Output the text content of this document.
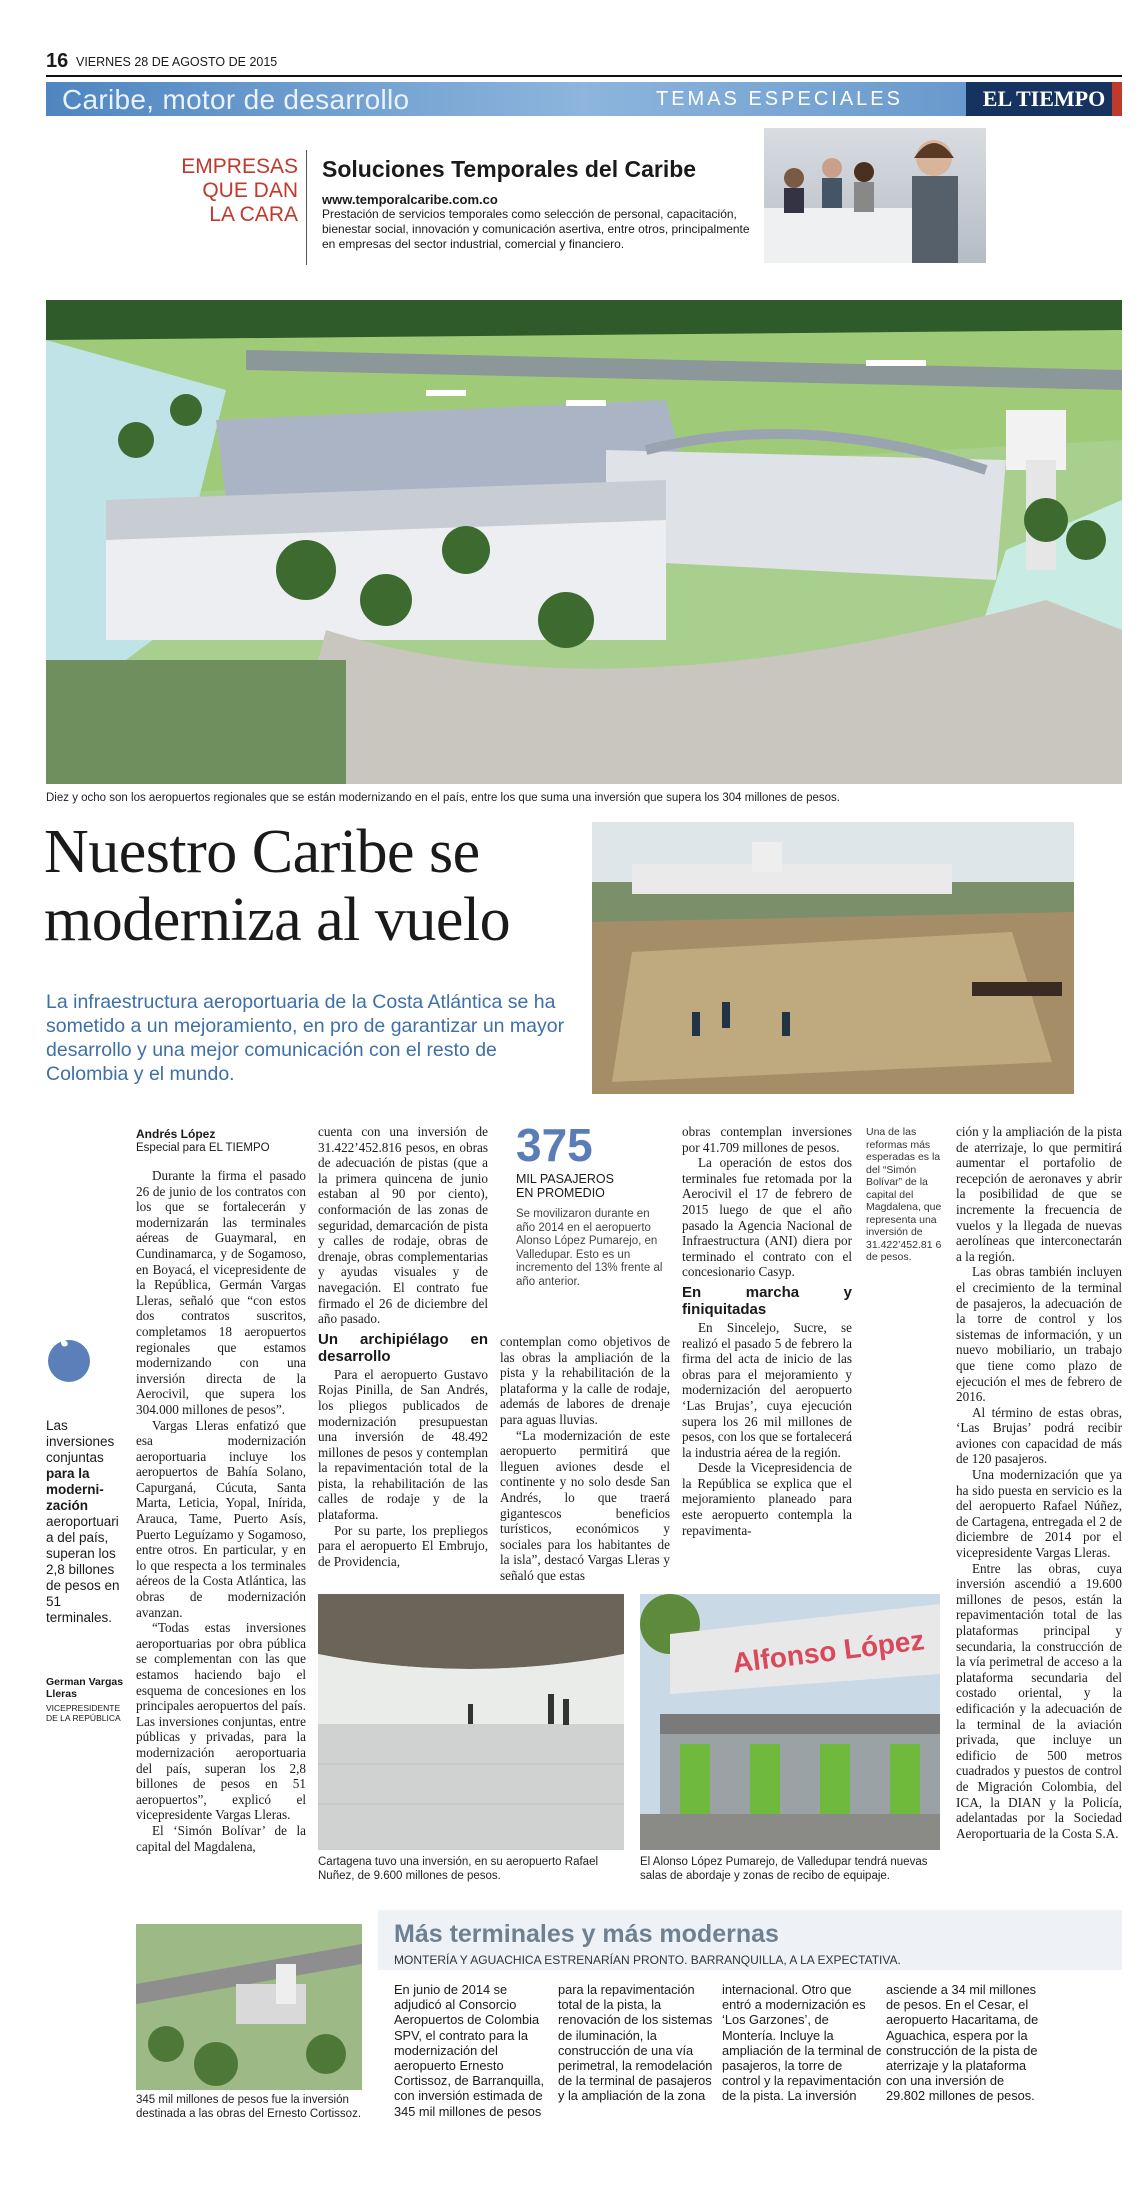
16 VIERNES 28 DE AGOSTO DE 2015
Caribe, motor de desarrollo	TEMAS ESPECIALES	EL TIEMPO
EMPRESAS
QUE DAN
LA CARA
Soluciones Temporales del Caribe
www.temporalcaribe.com.co
Prestación de servicios temporales como selección de personal, capacitación, bienestar social, innovación y comunicación asertiva, entre otros, principalmente en empresas del sector industrial, comercial y financiero.
Diez y ocho son los aeropuertos regionales que se están modernizando en el país, entre los que suma una inversión que supera los 304 millones de pesos.
Nuestro Caribe se
moderniza al vuelo
La infraestructura aeroportuaria de la Costa Atlántica se ha sometido a un mejoramiento, en pro de garantizar un mayor desarrollo y una mejor comunicación con el resto de Colombia y el mundo.
‘
Las inversiones conjuntas para la moderni-zación aeroportuari a del país, superan los 2,8 billones de pesos en 51 terminales.
German Vargas Lleras
VICEPRESIDENTE DE LA REPÚBLICA
Andrés López
Especial para EL TIEMPO

Durante la firma el pasado 26 de junio de los contratos con los que se fortalecerán y modernizarán las terminales aéreas de Guaymaral, en Cundinamarca, y de Sogamoso, en Boyacá, el vicepresidente de la República, Germán Vargas Lleras, señaló que “con estos dos contratos suscritos, completamos 18 aeropuertos regionales que estamos modernizando con una inversión directa de la Aerocivil, que supera los 304.000 millones de pesos”.

Vargas Lleras enfatizó que esa modernización aeroportuaria incluye los aeropuertos de Bahía Solano, Capurganá, Cúcuta, Santa Marta, Leticia, Yopal, Inírida, Arauca, Tame, Puerto Asís, Puerto Leguízamo y Sogamoso, entre otros. En particular, y en lo que respecta a los terminales aéreos de la Costa Atlántica, las obras de modernización avanzan.

“Todas estas inversiones aeroportuarias por obra pública se complementan con las que estamos haciendo bajo el esquema de concesiones en los principales aeropuertos del país. Las inversiones conjuntas, entre públicas y privadas, para la modernización aeroportuaria del país, superan los 2,8 billones de pesos en 51 aeropuertos”, explicó el vicepresidente Vargas Lleras.

El ‘Simón Bolívar’ de la capital del Magdalena,

cuenta con una inversión de 31.422’452.816 pesos, en obras de adecuación de pistas (que a la primera quincena de junio estaban al 90 por ciento), conformación de las zonas de seguridad, demarcación de pista y calles de rodaje, obras de drenaje, obras complementarias y ayudas visuales y de navegación. El contrato fue firmado el 26 de diciembre del año pasado.

Un archipiélago en desarrollo

Para el aeropuerto Gustavo Rojas Pinilla, de San Andrés, los pliegos publicados de modernización presupuestan una inversión de 48.492 millones de pesos y contemplan la repavimentación total de la pista, la rehabilitación de las calles de rodaje y de la plataforma.

Por su parte, los prepliegos para el aeropuerto El Embrujo, de Providencia,

375
MIL PASAJEROS
EN PROMEDIO
Se movilizaron durante en año 2014 en el aeropuerto Alonso López Pumarejo, en Valledupar. Esto es un incremento del 13% frente al año anterior.

contemplan como objetivos de las obras la ampliación de la pista y la rehabilitación de la plataforma y la calle de rodaje, además de labores de drenaje para aguas lluvias.

“La modernización de este aeropuerto permitirá que lleguen aviones desde el continente y no solo desde San Andrés, lo que traerá gigantescos beneficios turísticos, económicos y sociales para los habitantes de la isla”, destacó Vargas Lleras y señaló que estas

obras contemplan inversiones por 41.709 millones de pesos.

La operación de estos dos terminales fue retomada por la Aerocivil el 17 de febrero de 2015 luego de que el año pasado la Agencia Nacional de Infraestructura (ANI) diera por terminado el contrato con el concesionario Casyp.

En marcha y finiquitadas

En Sincelejo, Sucre, se realizó el pasado 5 de febrero la firma del acta de inicio de las obras para el mejoramiento y modernización del aeropuerto ‘Las Brujas’, cuya ejecución supera los 26 mil millones de pesos, con los que se fortalecerá la industria aérea de la región.

Desde la Vicepresidencia de la República se explica que el mejoramiento planeado para este aeropuerto contempla la repavimenta-

Una de las reformas más esperadas es la del “Simón Bolívar” de la capital del Magdalena, que representa una inversión de 31.422’452.81 6 de pesos.

ción y la ampliación de la pista de aterrizaje, lo que permitirá aumentar el portafolio de recepción de aeronaves y abrir la posibilidad de que se incremente la frecuencia de vuelos y la llegada de nuevas aerolíneas que interconectarán a la región.

Las obras también incluyen el crecimiento de la terminal de pasajeros, la adecuación de la torre de control y los sistemas de información, y un nuevo mobiliario, un trabajo que tiene como plazo de ejecución el mes de febrero de 2016.

Al término de estas obras, ‘Las Brujas’ podrá recibir aviones con capacidad de más de 120 pasajeros.

Una modernización que ya ha sido puesta en servicio es la del aeropuerto Rafael Núñez, de Cartagena, entregada el 2 de diciembre de 2014 por el vicepresidente Vargas Lleras.

Entre las obras, cuya inversión ascendió a 19.600 millones de pesos, están la repavimentación total de las plataformas principal y secundaria, la construcción de la vía perimetral de acceso a la plataforma secundaria del costado oriental, y la edificación y la adecuación de la terminal de la aviación privada, que incluye un edificio de 500 metros cuadrados y puestos de control de Migración Colombia, del ICA, la DIAN y la Policía, adelantadas por la Sociedad Aeroportuaria de la Costa S.A.

Cartagena tuvo una inversión, en su aeropuerto Rafael Nuñez, de 9.600 millones de pesos.
Alfonso López
El Alonso López Pumarejo, de Valledupar tendrá nuevas salas de abordaje y zonas de recibo de equipaje.
345 mil millones de pesos fue la inversión destinada a las obras del Ernesto Cortissoz.
Más terminales y más modernas
MONTERÍA Y AGUACHICA ESTRENARÍAN PRONTO. BARRANQUILLA, A LA EXPECTATIVA.
En junio de 2014 se adjudicó al Consorcio Aeropuertos de Colombia SPV, el contrato para la modernización del aeropuerto Ernesto Cortissoz, de Barranquilla, con inversión estimada de 345 mil millones de pesos
para la repavimentación total de la pista, la renovación de los sistemas de iluminación, la construcción de una vía perimetral, la remodelación de la terminal de pasajeros y la ampliación de la zona
internacional. Otro que entró a modernización es ‘Los Garzones’, de Montería. Incluye la ampliación de la terminal de pasajeros, la torre de control y la repavimentación de la pista. La inversión
asciende a 34 mil millones de pesos. En el Cesar, el aeropuerto Hacaritama, de Aguachica, espera por la construcción de la pista de aterrizaje y la plataforma con una inversión de 29.802 millones de pesos.
